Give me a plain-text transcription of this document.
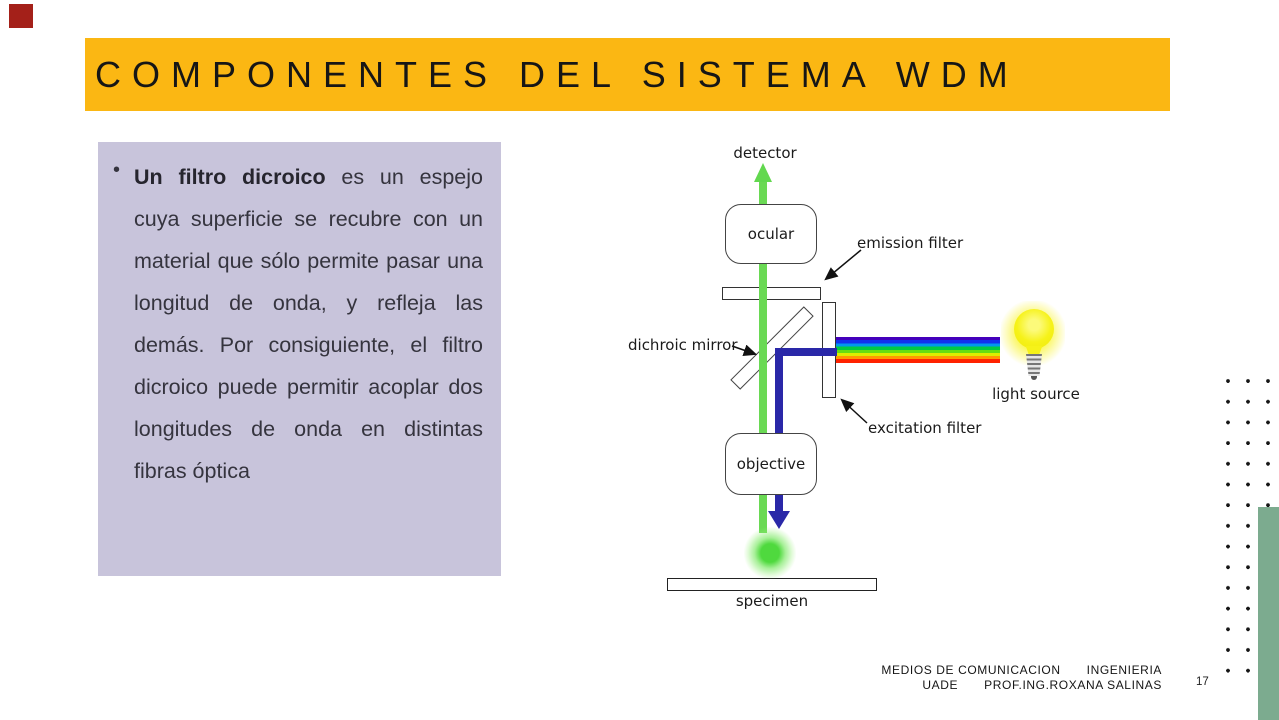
COMPONENTES DEL SISTEMA WDM
• Un filtro dicroico es un espejo cuya superficie se recubre con un material que sólo permite pasar una longitud de onda, y refleja las demás. Por consiguiente, el filtro dicroico puede permitir acoplar dos longitudes de onda en distintas fibras óptica

ocular
objective
detector
emission filter
dichroic mirror
excitation filter
light source
specimen
MEDIOS DE COMUNICACION INGENIERIA
UADE PROF.ING.ROXANA SALINAS	17
